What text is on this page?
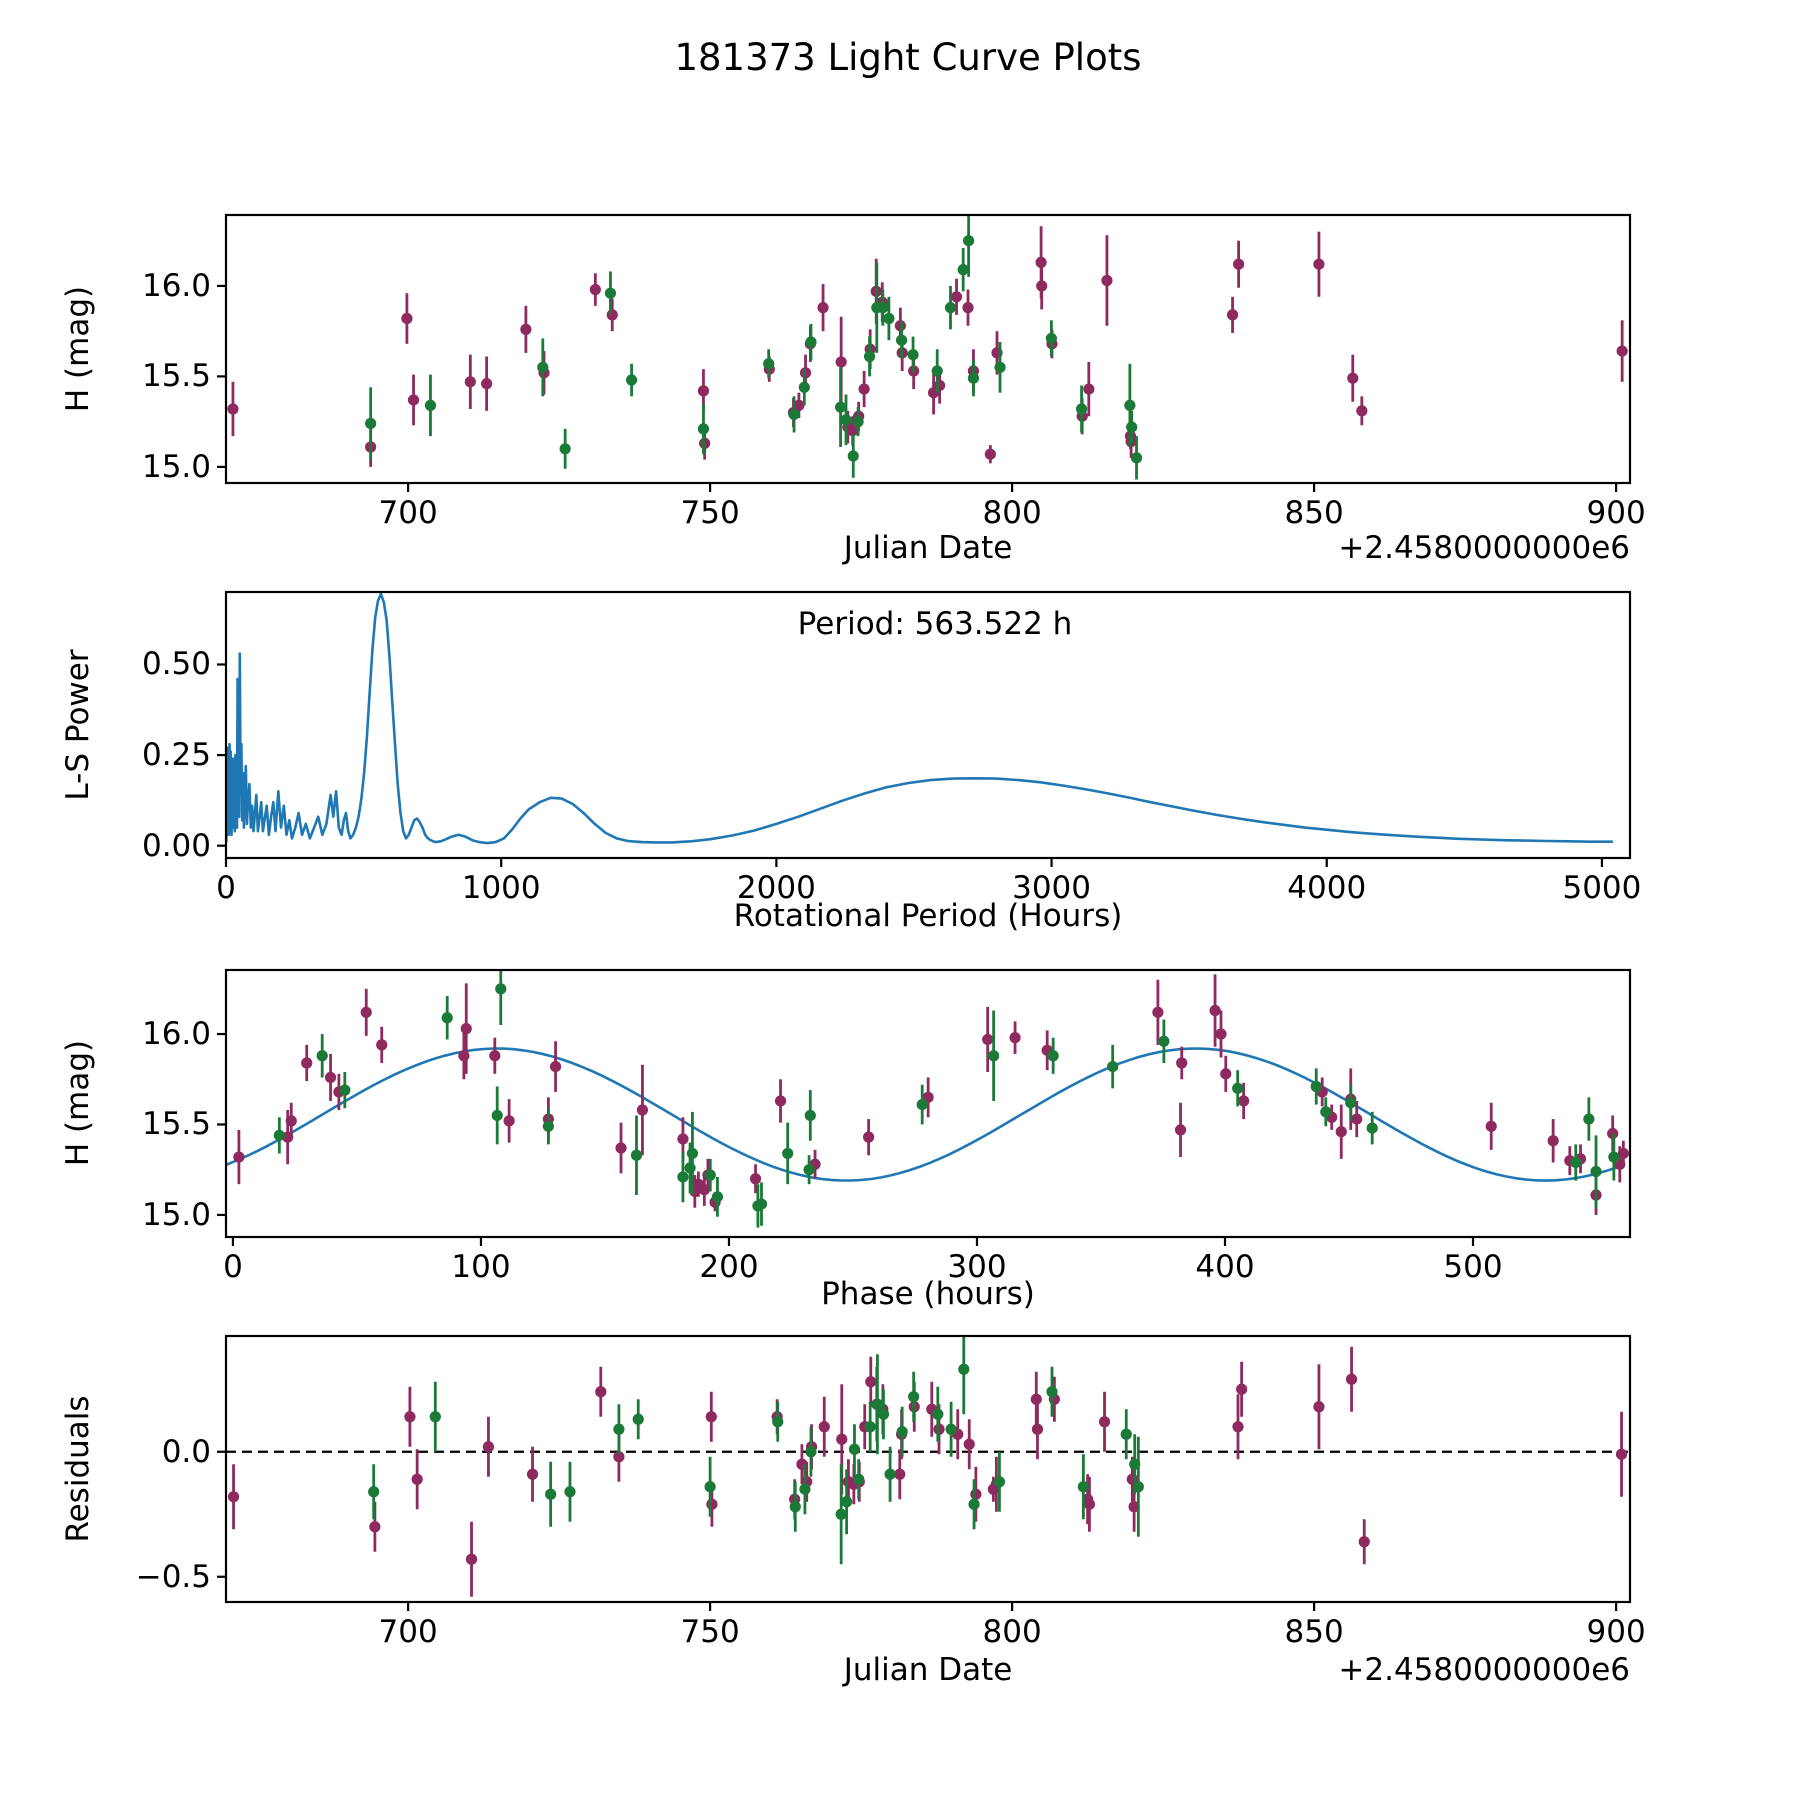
181373 Light Curve Plots
H (mag)
Julian Date	+2.4580000000e6
L-S Power
Rotational Period (Hours)
Period: 563.522 h
H (mag)
Phase (hours)
Residuals
Julian Date	+2.4580000000e6
700	750	800	850	900
15.0
15.5
16.0
0	1000	2000	3000	4000	5000
0.00
0.25
0.50
0	100	200	300	400	500
15.0
15.5
16.0
700	750	800	850	900
0.0
−0.5
